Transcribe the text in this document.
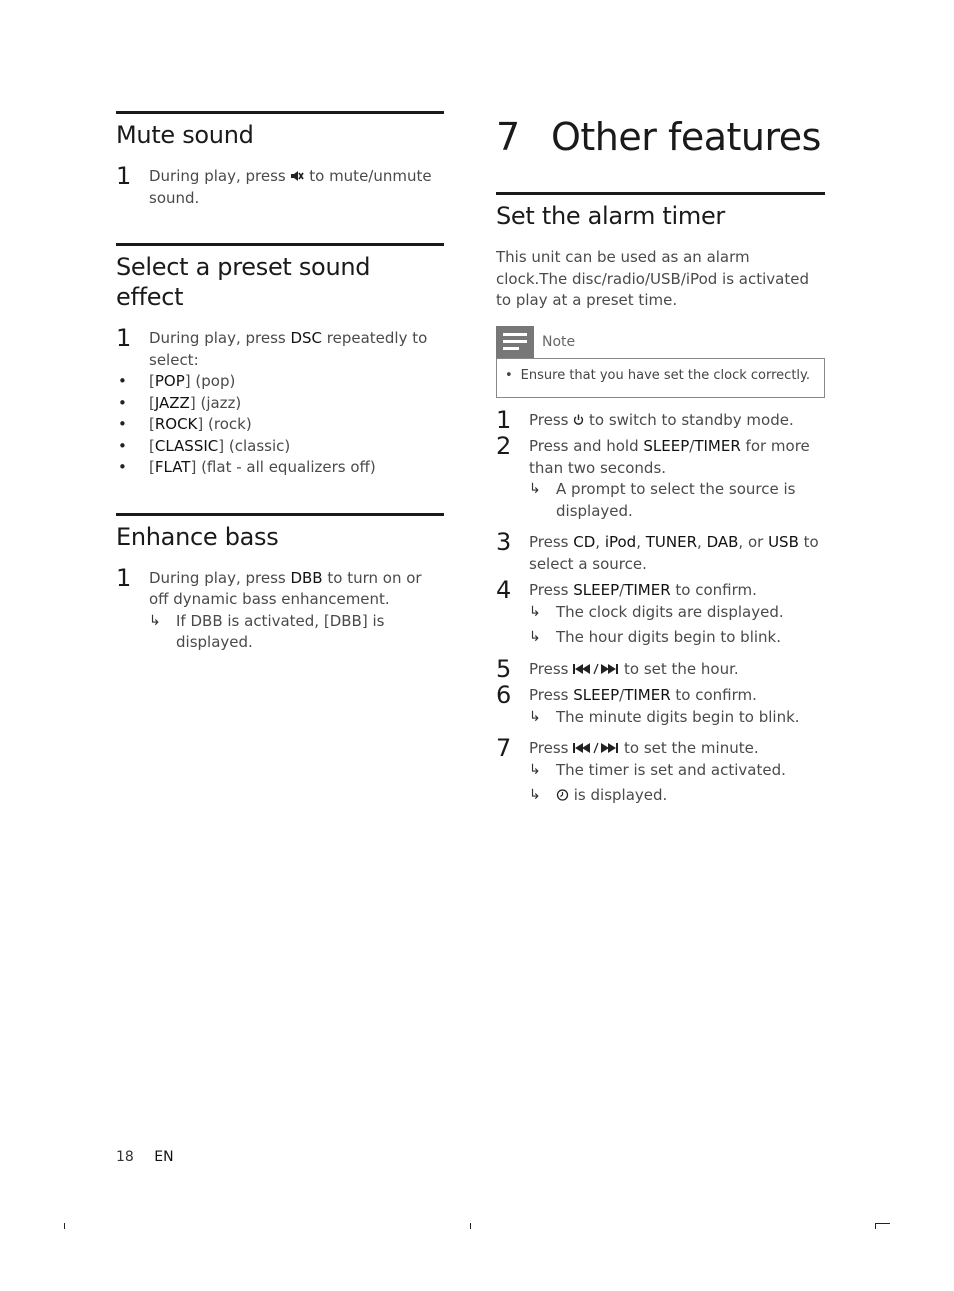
Mute sound
1 During play, press  to mute/unmute sound.
Select a preset sound effect
1 During play, press DSC repeatedly to select:
• [POP] (pop)
• [JAZZ] (jazz)
• [ROCK] (rock)
• [CLASSIC] (classic)
• [FLAT] (flat - all equalizers off)
Enhance bass
1 During play, press DBB to turn on or off dynamic bass enhancement.
↳ If DBB is activated, [DBB] is displayed.
7 Other features
Set the alarm timer

This unit can be used as an alarm clock.The disc/radio/USB/iPod is activated to play at a preset time.

Note
• Ensure that you have set the clock correctly.
1 Press  to switch to standby mode.
2 Press and hold SLEEP/TIMER for more than two seconds.
↳ A prompt to select the source is displayed.
3 Press CD, iPod, TUNER, DAB, or USB to select a source.
4 Press SLEEP/TIMER to confirm.
↳ The clock digits are displayed.
↳ The hour digits begin to blink.
5 Press	to set the hour.
6 Press SLEEP/TIMER to confirm.
↳ The minute digits begin to blink.
7 Press	to set the minute.
↳ The timer is set and activated.
↳ is displayed.
18 EN
